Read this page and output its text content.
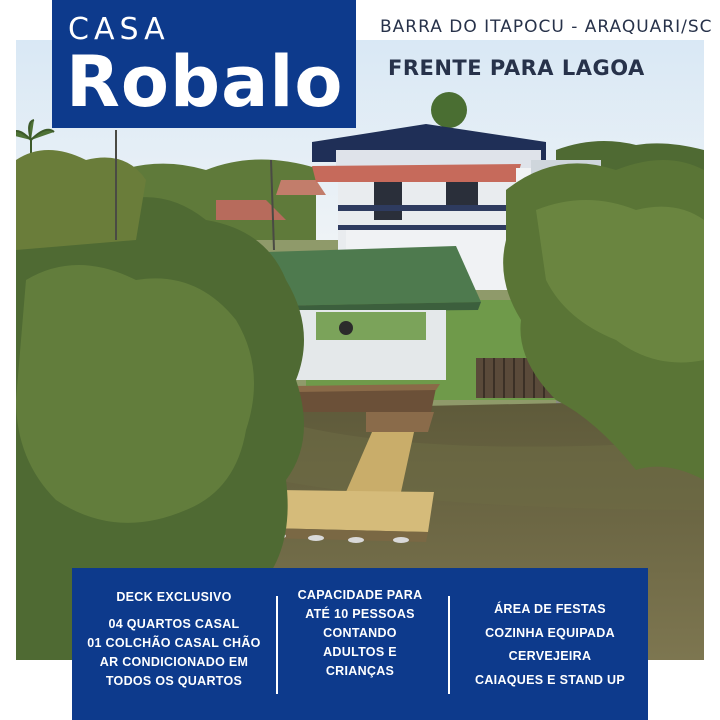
CASA
Robalo
BARRA DO ITAPOCU - ARAQUARI/SC
FRENTE PARA LAGOA
DECK EXCLUSIVO
04 QUARTOS CASAL
01 COLCHÃO CASAL CHÃO
AR CONDICIONADO EM
TODOS OS QUARTOS
CAPACIDADE PARA
ATÉ 10 PESSOAS
CONTANDO
ADULTOS E
CRIANÇAS
ÁREA DE FESTAS
COZINHA EQUIPADA
CERVEJEIRA
CAIAQUES E STAND UP
